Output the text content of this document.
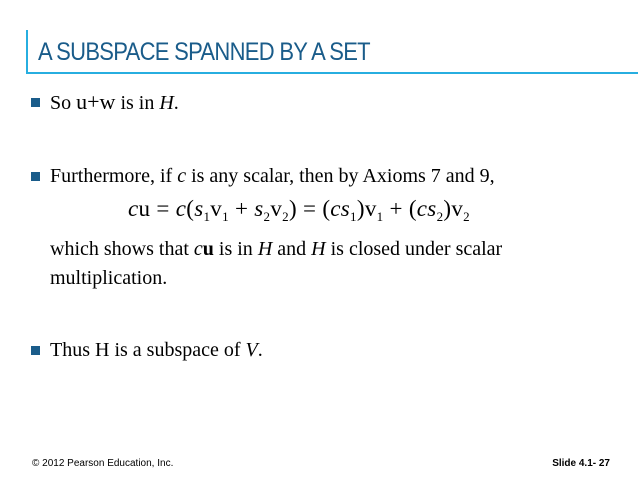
A SUBSPACE SPANNED BY A SET
So u+w is in H.
Furthermore, if c is any scalar, then by Axioms 7 and 9,
cu = $c(s_1v_1 + s_2v_2) = (cs_1)v_1 + (cs_2)v_2$
which shows that cu is in H and H is closed under scalar
multiplication.
Thus H is a subspace of V.
© 2012 Pearson Education, Inc.	Slide 4.1- 27
